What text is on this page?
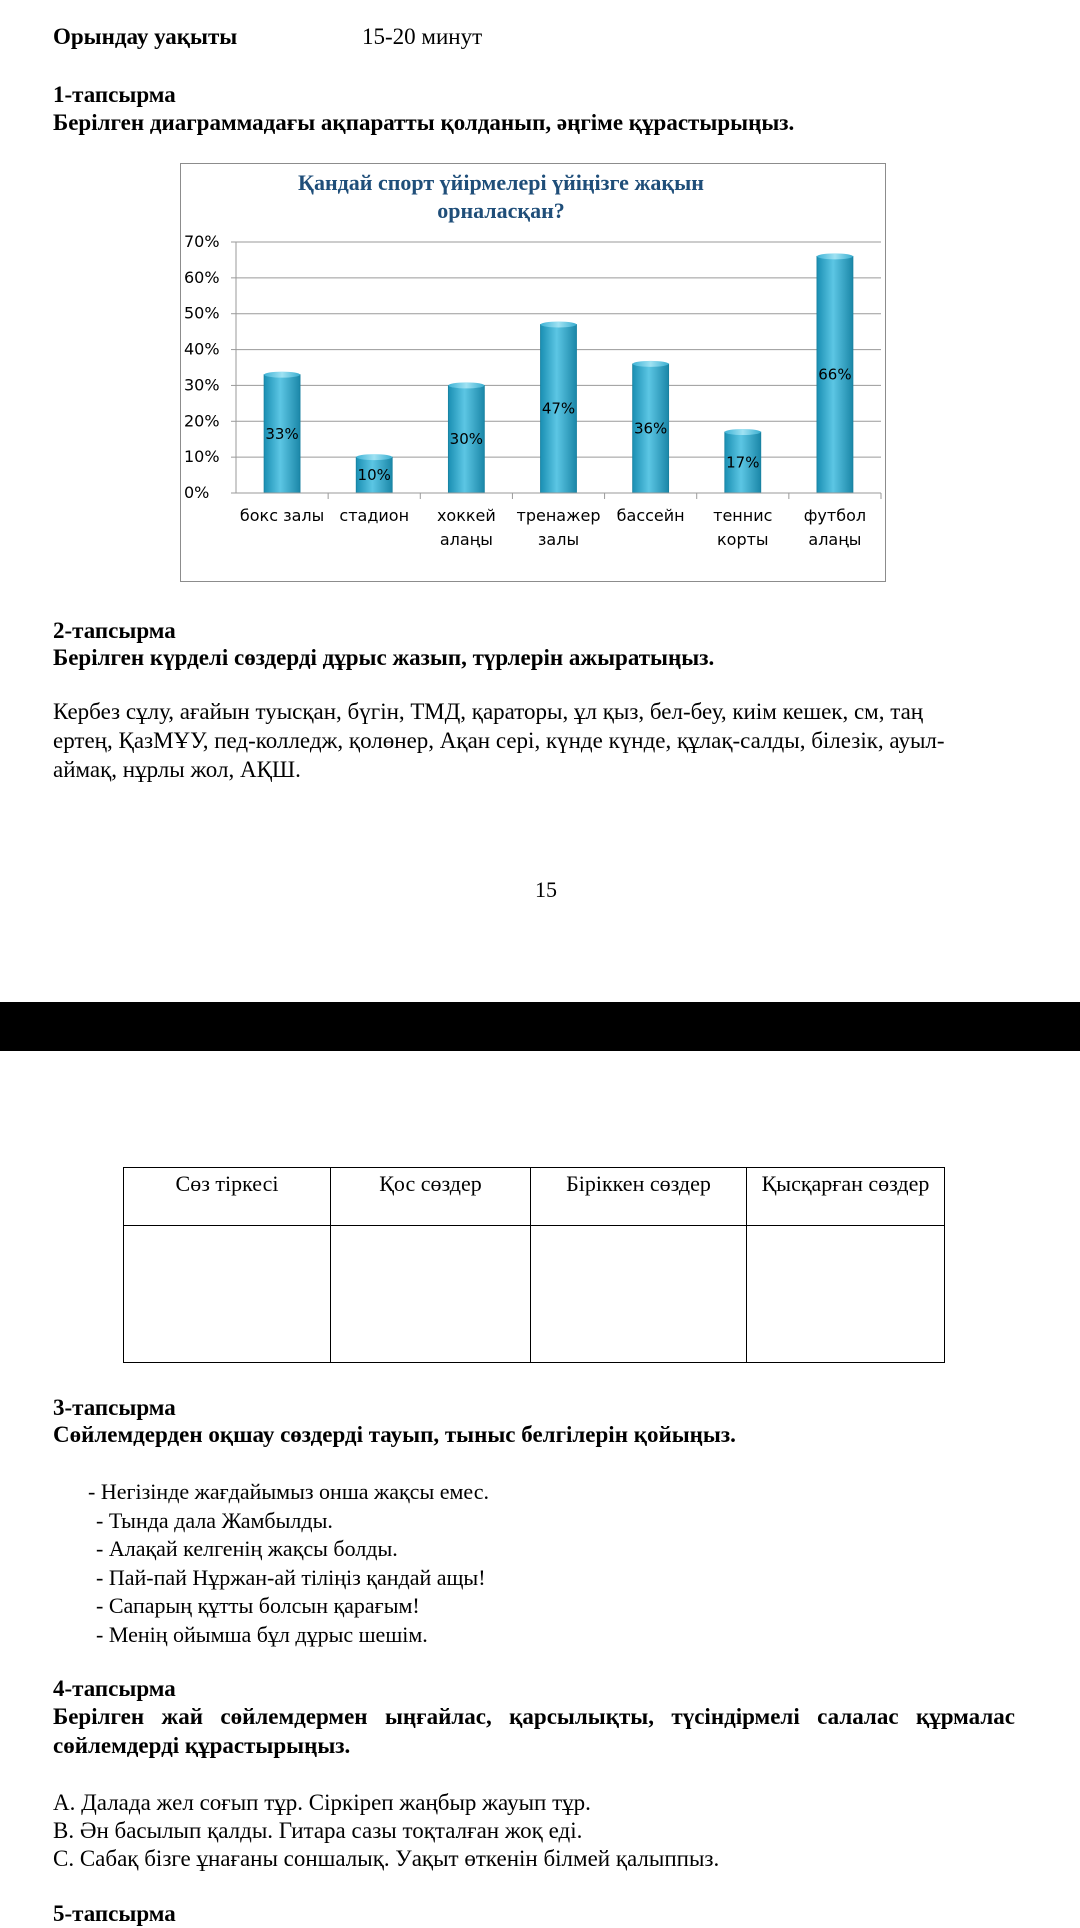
Орындау уақыты	15-20 минут
1-тапсырма
Берілген диаграммадағы ақпаратты қолданып, әңгіме құрастырыңыз.
Қандай спорт үйірмелері үйіңізге жақын
орналасқан?
0%
10%
20%
30%
40%
50%
60%
70%
33%
бокс залы
10%
стадион
30%
хоккей
алаңы
47%
тренажер
залы
36%
бассейн
17%
теннис
корты
66%
футбол
алаңы
2-тапсырма
Берілген күрделі сөздерді дұрыс жазып, түрлерін ажыратыңыз.
Кербез сұлу, ағайын туысқан, бүгін, ТМД, қараторы, ұл қыз, бел-беу, киім кешек, см, таң
ертең, ҚазМҰУ, пед-колледж, қолөнер, Ақан сері, күнде күнде, құлақ-салды, білезік, ауыл-
аймақ, нұрлы жол, АҚШ.
15
Сөз тіркесі	Қос сөздер	Біріккен сөздер	Қысқарған сөздер

3-тапсырма
Сөйлемдерден оқшау сөздерді тауып, тыныс белгілерін қойыңыз.
- Негізінде жағдайымыз онша жақсы емес.
- Тында дала Жамбылды.
- Алақай келгенің жақсы болды.
- Пай-пай Нұржан-ай тіліңіз қандай ащы!
- Сапарың құтты болсын қарағым!
- Менің ойымша бұл дұрыс шешім.
4-тапсырма
Берілген жай сөйлемдермен ыңғайлас, қарсылықты, түсіндірмелі салалас құрмалас
сөйлемдерді құрастырыңыз.
А. Далада жел соғып тұр. Сіркіреп жаңбыр жауып тұр.
В. Ән басылып қалды. Гитара сазы тоқталған жоқ еді.
С. Сабақ бізге ұнағаны соншалық. Уақыт өткенін білмей қалыппыз.
5-тапсырма
